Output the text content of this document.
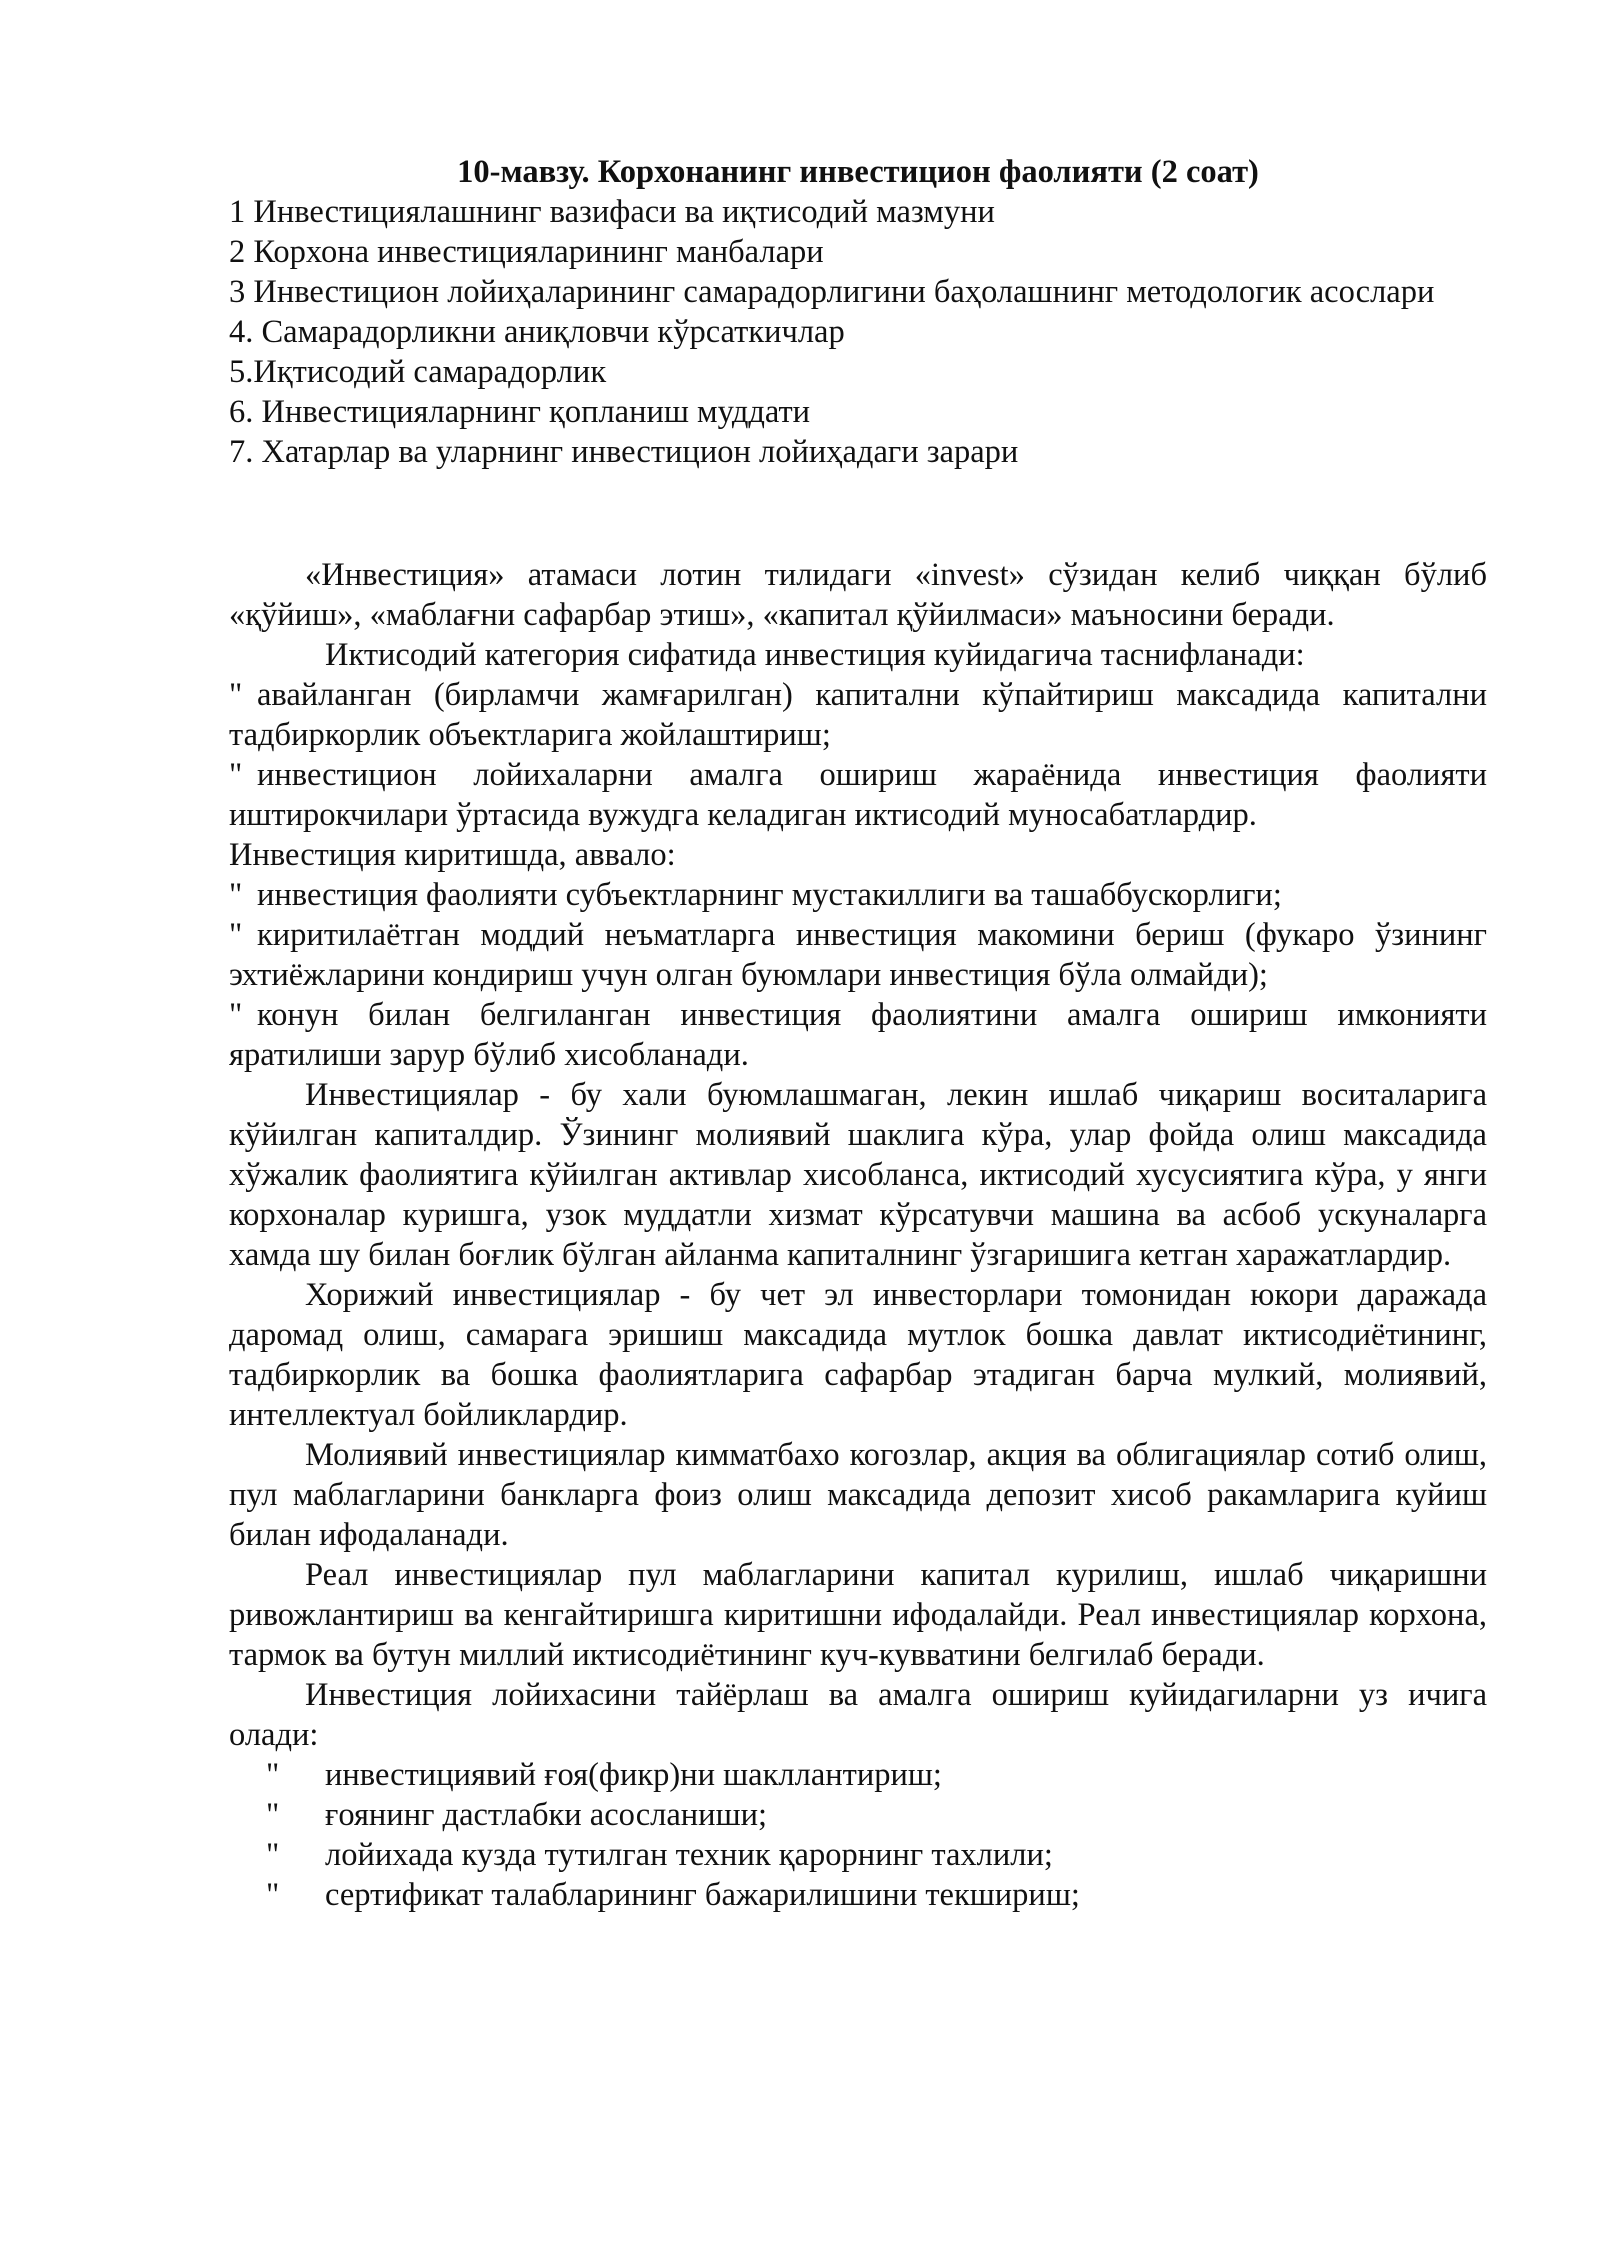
10-мавзу. Корхонанинг инвестицион фаолияти (2 соат)

1 Инвестициялашнинг вазифаси ва иқтисодий мазмуни
2 Корхона инвестицияларининг манбалари
3 Инвестицион лойиҳаларининг самарадорлигини баҳолашнинг методологик асослари
4. Самарадорликни аниқловчи кўрсаткичлар
5.Иқтисодий самарадорлик
6. Инвестицияларнинг қопланиш муддати
7. Хатарлар ва уларнинг инвестицион лойиҳадаги зарари

«Инвестиция» атамаси лотин тилидаги «invest» сўзидан келиб чиққан бўлиб «қўйиш», «маблағни сафарбар этиш», «капитал қўйилмаси» маъносини беради.

Иктисодий категория сифатида инвестиция куйидагича таснифланади:

" авайланган (бирламчи жамғарилган) капитални кўпайтириш максадида капитални тадбиркорлик объектларига жойлаштириш;

" инвестицион лойихаларни амалга ошириш жараёнида инвестиция фаолияти иштирокчилари ўртасида вужудга келадиган иктисодий муносабатлардир.

Инвестиция киритишда, аввало:

" инвестиция фаолияти субъектларнинг мустакиллиги ва ташаббускорлиги;

" киритилаётган моддий неъматларга инвестиция макомини бериш (фукаро ўзининг эхтиёжларини кондириш учун олган буюмлари инвестиция бўла олмайди);

" конун билан белгиланган инвестиция фаолиятини амалга ошириш имконияти яратилиши зарур бўлиб хисобланади.

Инвестициялар - бу хали буюмлашмаган, лекин ишлаб чиқариш воситаларига кўйилган капиталдир. Ўзининг молиявий шаклига кўра, улар фойда олиш максадида хўжалик фаолиятига кўйилган активлар хисобланса, иктисодий хусусиятига кўра, у янги корхоналар куришга, узок муддатли хизмат кўрсатувчи машина ва асбоб ускуналарга хамда шу билан боғлик бўлган айланма капиталнинг ўзгаришига кетган харажатлардир.

Хорижий инвестициялар - бу чет эл инвесторлари томонидан юкори даражада даромад олиш, самарага эришиш максадида мутлок бошка давлат иктисодиётининг, тадбиркорлик ва бошка фаолиятларига сафарбар этадиган барча мулкий, молиявий, интеллектуал бойликлардир.

Молиявий инвестициялар кимматбахо когозлар, акция ва облигациялар сотиб олиш, пул маблагларини банкларга фоиз олиш максадида депозит хисоб ракамларига куйиш билан ифодаланади.

Реал инвестициялар пул маблагларини капитал курилиш, ишлаб чиқаришни ривожлантириш ва кенгайтиришга киритишни ифодалайди. Реал инвестициялар корхона, тармок ва бутун миллий иктисодиётининг куч-кувватини белгилаб беради.

Инвестиция лойихасини тайёрлаш ва амалга ошириш куйидагиларни уз ичига олади:

" инвестициявий ғоя(фикр)ни шакллантириш;
" ғоянинг дастлабки асосланиши;
" лойихада кузда тутилган техник қарорнинг тахлили;
" сертификат талабларининг бажарилишини текшириш;
